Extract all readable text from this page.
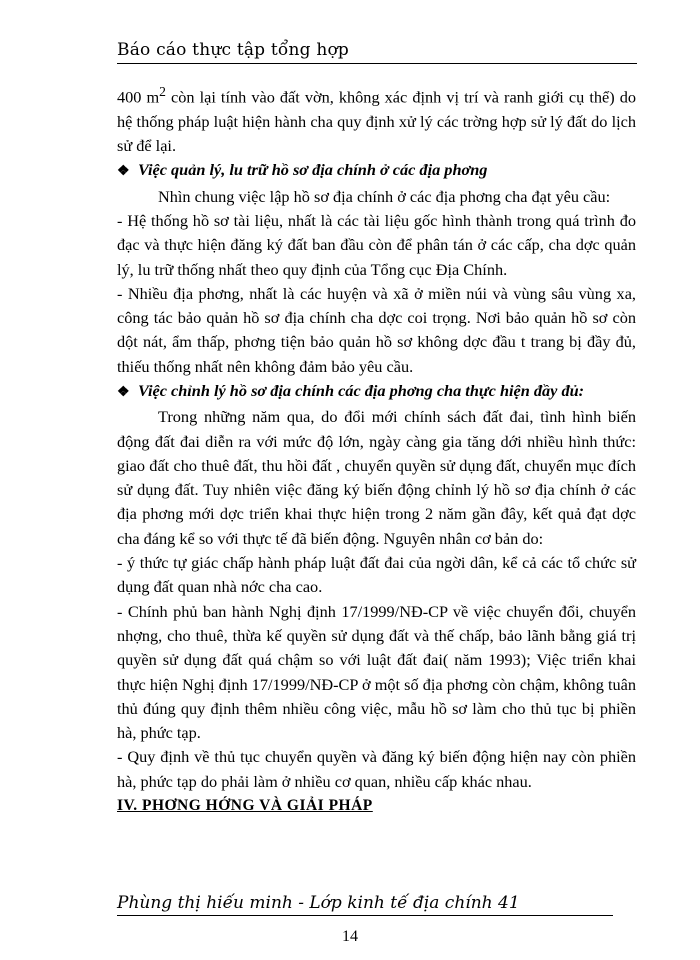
Báo cáo thực tập tổng hợp

400 $m^2$ còn lại tính vào đất vờn, không xác định vị trí và ranh giới cụ thể) do hệ thống pháp luật hiện hành cha quy định xử lý các trờng hợp sử lý đất do lịch sử để lại.

❖ Việc quản lý, lu trữ hồ sơ địa chính ở các địa phơng

Nhìn chung việc lập hồ sơ địa chính ở các địa phơng cha đạt yêu cầu:

- Hệ thống hồ sơ tài liệu, nhất là các tài liệu gốc hình thành trong quá trình đo đạc và thực hiện đăng ký đất ban đầu còn để phân tán ở các cấp, cha dợc quản lý, lu trữ thống nhất theo quy định của Tổng cục Địa Chính.

- Nhiều địa phơng, nhất là các huyện và xã ở miền núi và vùng sâu vùng xa, công tác bảo quản hồ sơ địa chính cha dợc coi trọng. Nơi bảo quản hồ sơ còn dột nát, ẩm thấp, phơng tiện bảo quản hồ sơ không dợc đầu t trang bị đầy đủ, thiếu thống nhất nên không đảm bảo yêu cầu.

❖ Việc chỉnh lý hồ sơ địa chính các địa phơng cha thực hiện đầy đủ:

Trong những năm qua, do đổi mới chính sách đất đai, tình hình biến động đất đai diễn ra với mức độ lớn, ngày càng gia tăng dới nhiều hình thức: giao đất cho thuê đất, thu hồi đất , chuyển quyền sử dụng đất, chuyển mục đích sử dụng đất. Tuy nhiên việc đăng ký biến động chỉnh lý hồ sơ địa chính ở các địa phơng mới dợc triển khai thực hiện trong 2 năm gần đây, kết quả đạt dợc cha đáng kể so với thực tế đã biến động. Nguyên nhân cơ bản do:

- ý thức tự giác chấp hành pháp luật đất đai của ngời dân, kể cả các tổ chức sử dụng đất quan nhà nớc cha cao.

- Chính phủ ban hành Nghị định 17/1999/NĐ-CP về việc chuyển đổi, chuyển nhợng, cho thuê, thừa kế quyền sử dụng đất và thế chấp, bảo lãnh bằng giá trị quyền sử dụng đất quá chậm so với luật đất đai( năm 1993); Việc triển khai thực hiện Nghị định 17/1999/NĐ-CP ở một số địa phơng còn chậm, không tuân thủ đúng quy định thêm nhiều công việc, mẫu hồ sơ làm cho thủ tục bị phiền hà, phức tạp.

- Quy định về thủ tục chuyển quyền và đăng ký biến động hiện nay còn phiền hà, phức tạp do phải làm ở nhiều cơ quan, nhiều cấp khác nhau.

IV. PHƠNG HỚNG VÀ GIẢI PHÁP

Phùng thị hiếu minh - Lớp kinh tế địa chính 41
14
